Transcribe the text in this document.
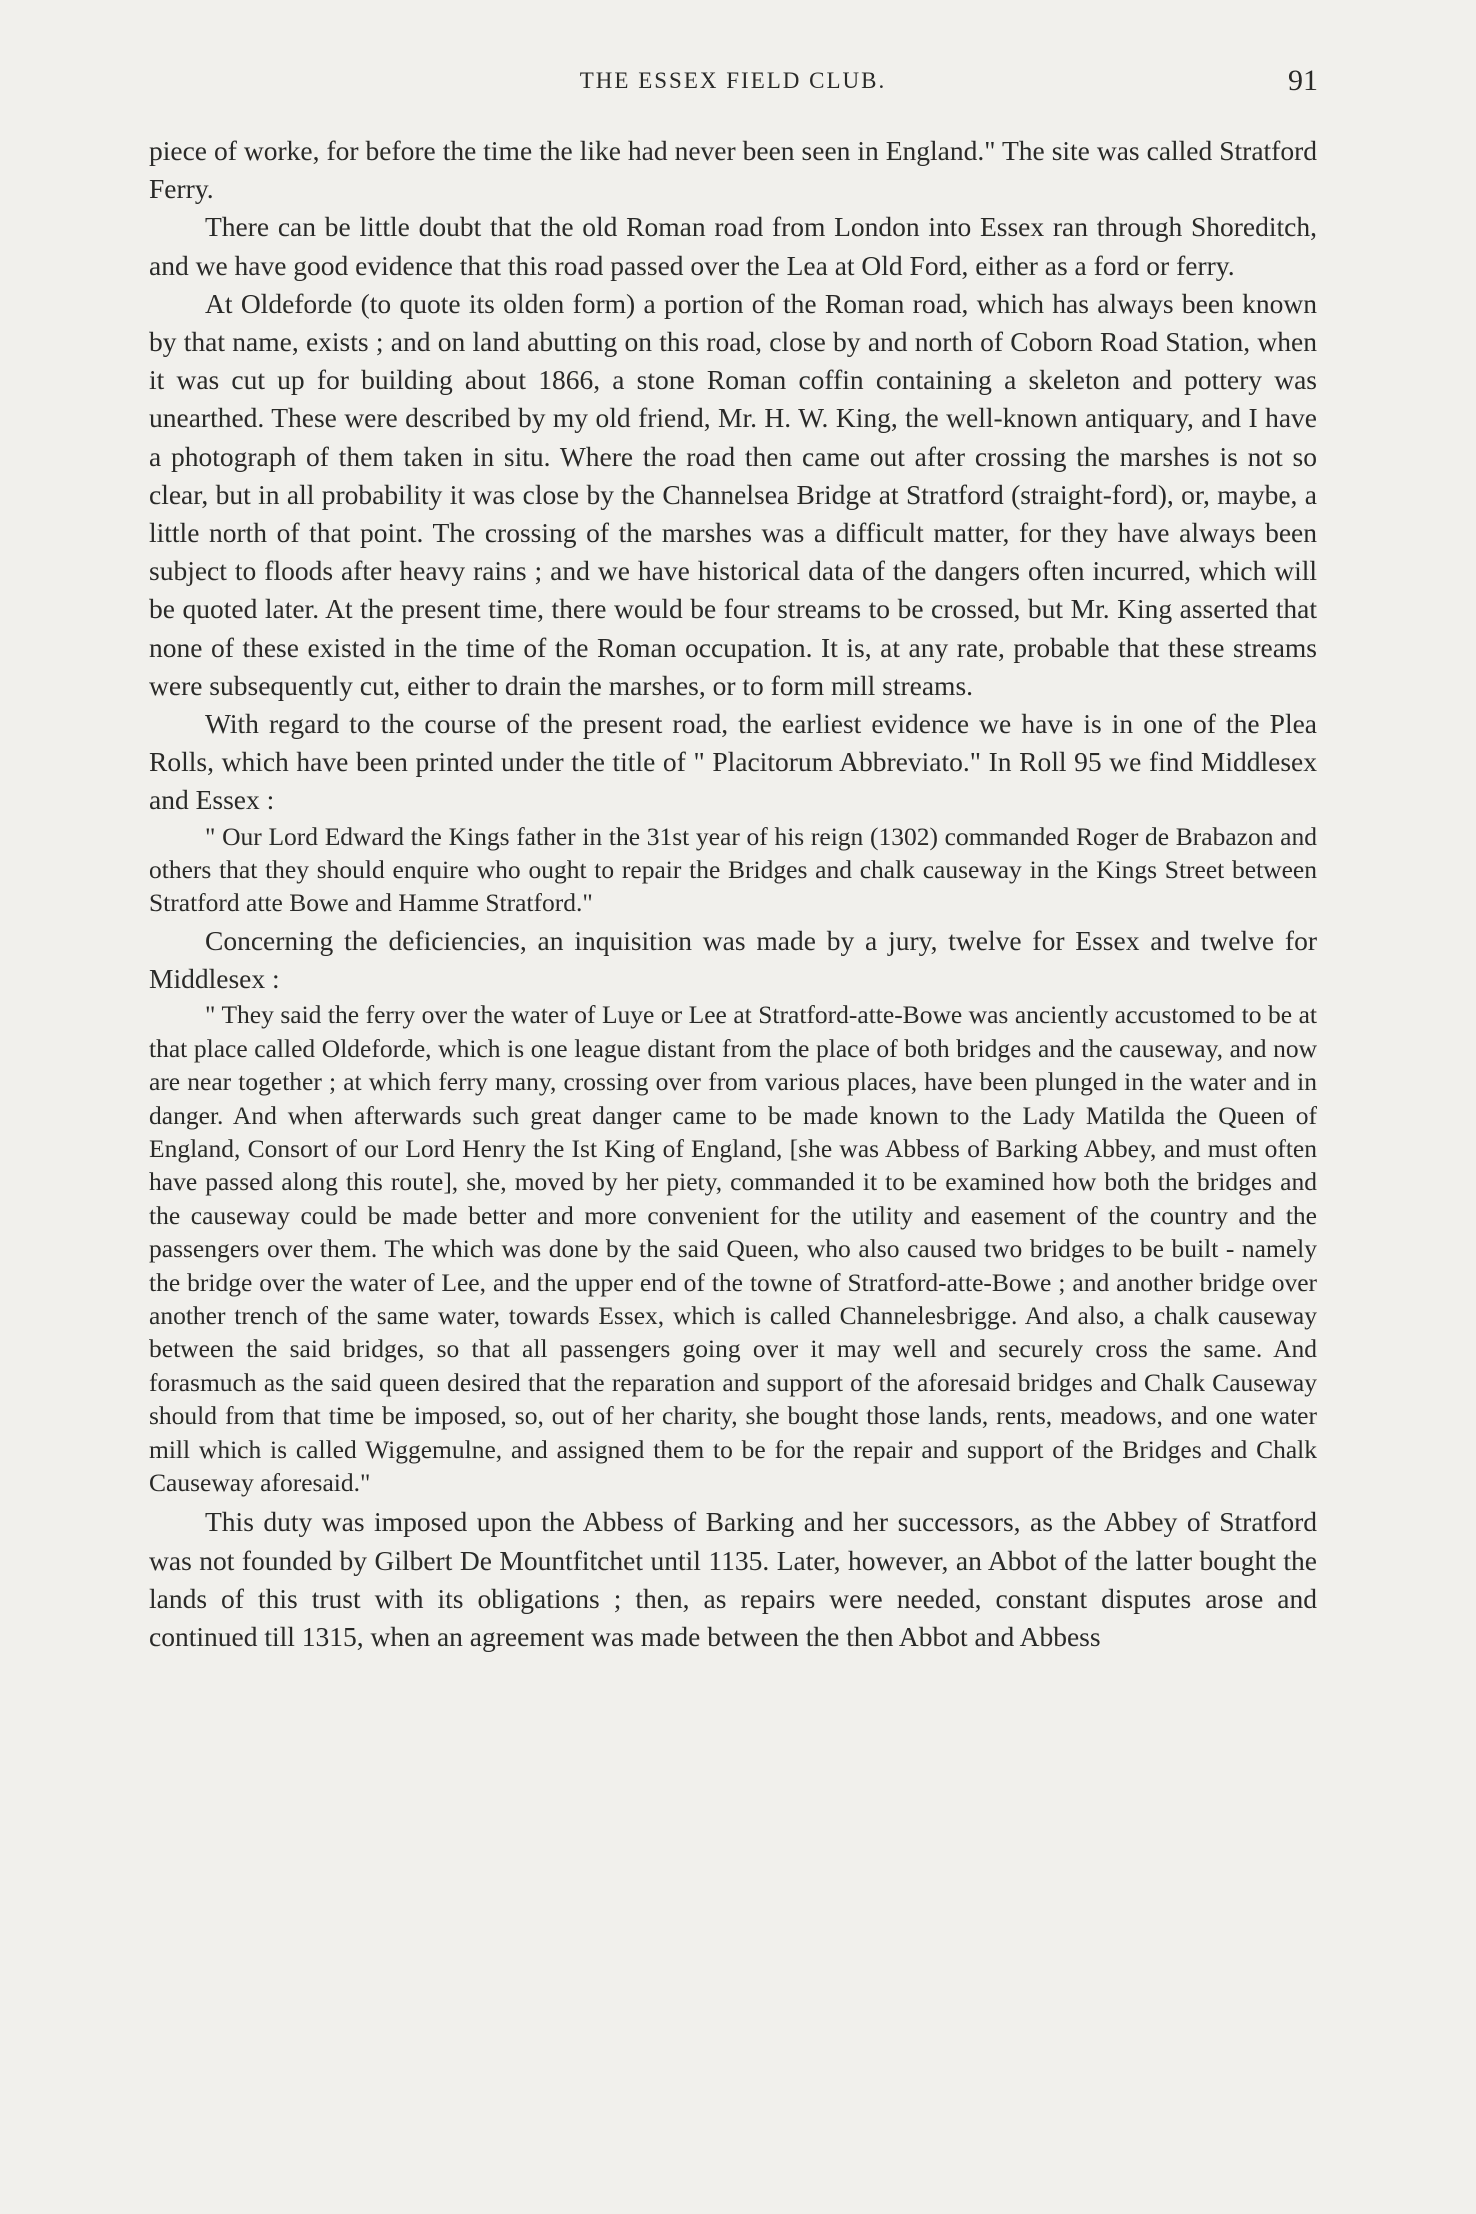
THE ESSEX FIELD CLUB.	91

piece of worke, for before the time the like had never been seen in England." The site was called Stratford Ferry.

There can be little doubt that the old Roman road from London into Essex ran through Shoreditch, and we have good evidence that this road passed over the Lea at Old Ford, either as a ford or ferry.

At Oldeforde (to quote its olden form) a portion of the Roman road, which has always been known by that name, exists ; and on land abutting on this road, close by and north of Coborn Road Station, when it was cut up for building about 1866, a stone Roman coffin containing a skeleton and pottery was unearthed. These were described by my old friend, Mr. H. W. King, the well-known antiquary, and I have a photograph of them taken in situ. Where the road then came out after crossing the marshes is not so clear, but in all probability it was close by the Channelsea Bridge at Stratford (straight-ford), or, maybe, a little north of that point. The crossing of the marshes was a difficult matter, for they have always been subject to floods after heavy rains ; and we have historical data of the dangers often incurred, which will be quoted later. At the present time, there would be four streams to be crossed, but Mr. King asserted that none of these existed in the time of the Roman occupation. It is, at any rate, probable that these streams were subsequently cut, either to drain the marshes, or to form mill streams.

With regard to the course of the present road, the earliest evidence we have is in one of the Plea Rolls, which have been printed under the title of " Placitorum Abbreviato." In Roll 95 we find Middlesex and Essex :

" Our Lord Edward the Kings father in the 31st year of his reign (1302) commanded Roger de Brabazon and others that they should enquire who ought to repair the Bridges and chalk causeway in the Kings Street between Stratford atte Bowe and Hamme Stratford."

Concerning the deficiencies, an inquisition was made by a jury, twelve for Essex and twelve for Middlesex :

" They said the ferry over the water of Luye or Lee at Stratford-atte-Bowe was anciently accustomed to be at that place called Oldeforde, which is one league distant from the place of both bridges and the causeway, and now are near together ; at which ferry many, crossing over from various places, have been plunged in the water and in danger. And when afterwards such great danger came to be made known to the Lady Matilda the Queen of England, Consort of our Lord Henry the Ist King of England, [she was Abbess of Barking Abbey, and must often have passed along this route], she, moved by her piety, commanded it to be examined how both the bridges and the causeway could be made better and more convenient for the utility and easement of the country and the passengers over them. The which was done by the said Queen, who also caused two bridges to be built - namely the bridge over the water of Lee, and the upper end of the towne of Stratford-atte-Bowe ; and another bridge over another trench of the same water, towards Essex, which is called Channelesbrigge. And also, a chalk causeway between the said bridges, so that all passengers going over it may well and securely cross the same. And forasmuch as the said queen desired that the reparation and support of the aforesaid bridges and Chalk Causeway should from that time be imposed, so, out of her charity, she bought those lands, rents, meadows, and one water mill which is called Wiggemulne, and assigned them to be for the repair and support of the Bridges and Chalk Causeway aforesaid."

This duty was imposed upon the Abbess of Barking and her successors, as the Abbey of Stratford was not founded by Gilbert De Mountfitchet until 1135. Later, however, an Abbot of the latter bought the lands of this trust with its obligations ; then, as repairs were needed, constant disputes arose and continued till 1315, when an agreement was made between the then Abbot and Abbess
